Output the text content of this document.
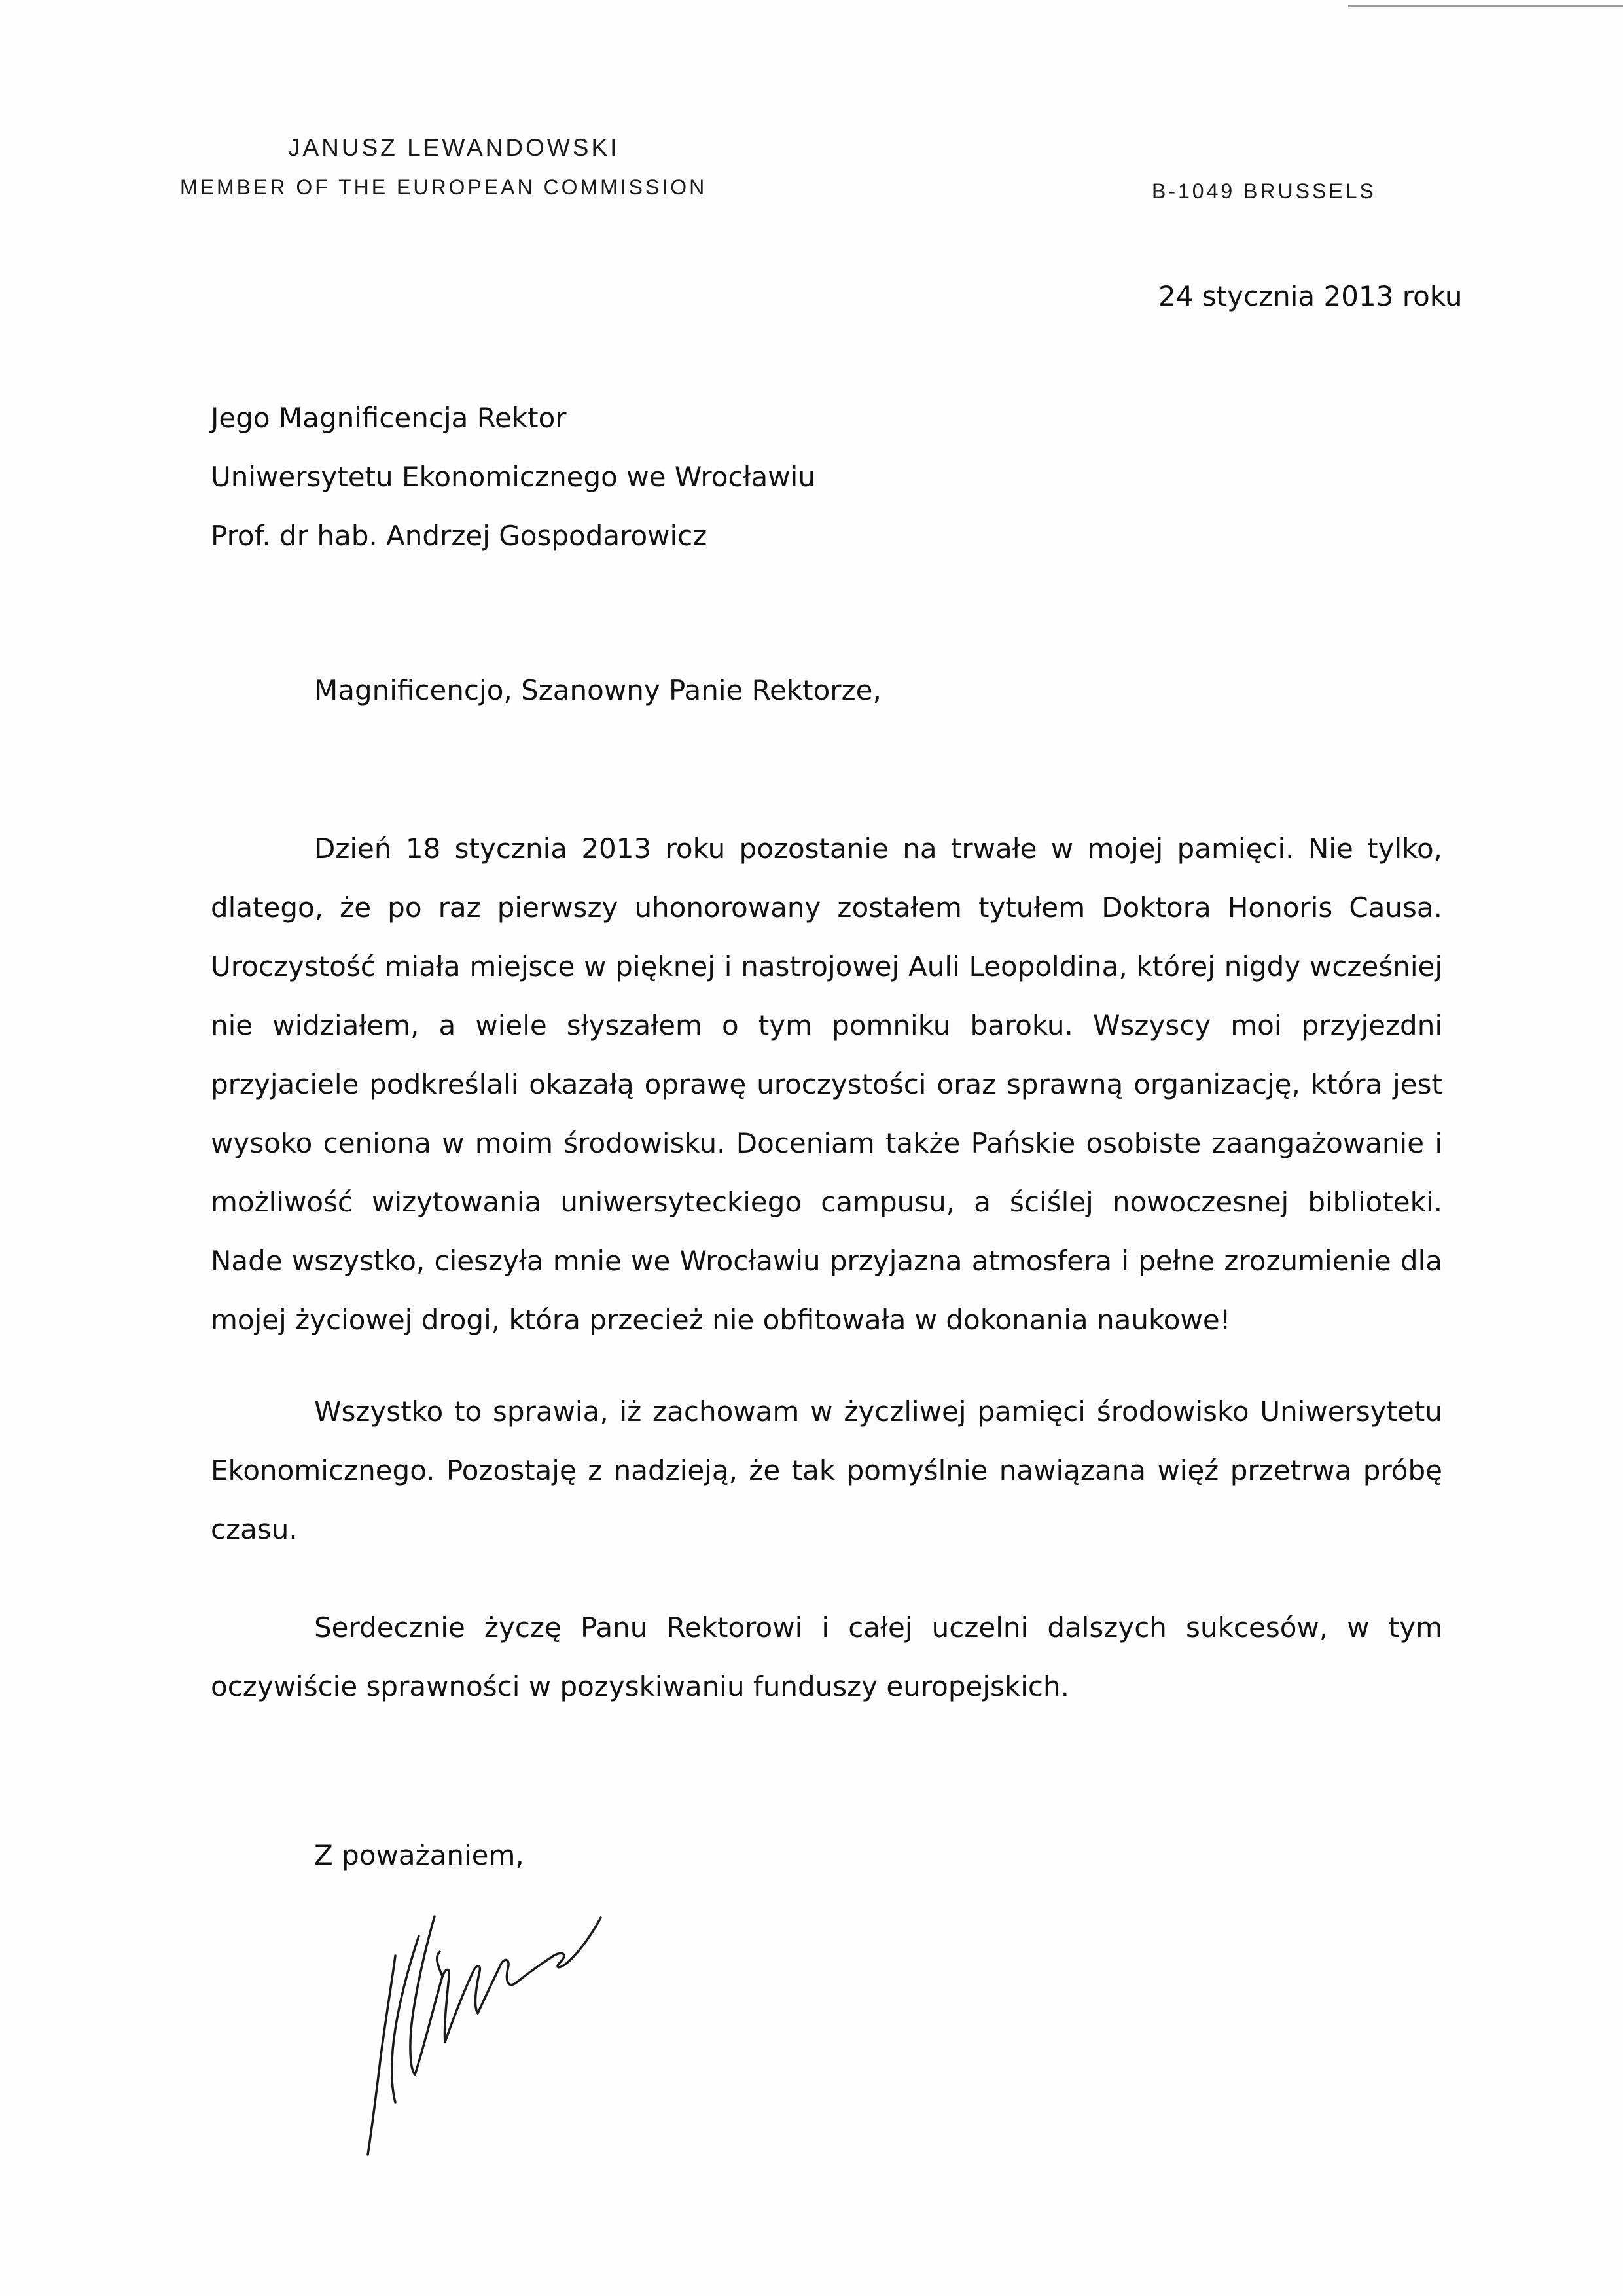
JANUSZ LEWANDOWSKI
MEMBER OF THE EUROPEAN COMMISSION	B-1049 BRUSSELS
24 stycznia 2013 roku
Jego Magnificencja Rektor
Uniwersytetu Ekonomicznego we Wrocławiu
Prof. dr hab. Andrzej Gospodarowicz
Magnificencjo, Szanowny Panie Rektorze,

Dzień 18 stycznia 2013 roku pozostanie na trwałe w mojej pamięci. Nie tylko, dlatego, że po raz pierwszy uhonorowany zostałem tytułem Doktora Honoris Causa. Uroczystość miała miejsce w pięknej i nastrojowej Auli Leopoldina, której nigdy wcześniej nie widziałem, a wiele słyszałem o tym pomniku baroku. Wszyscy moi przyjezdni przyjaciele podkreślali okazałą oprawę uroczystości oraz sprawną organizację, która jest wysoko ceniona w moim środowisku. Doceniam także Pańskie osobiste zaangażowanie i możliwość wizytowania uniwersyteckiego campusu, a ściślej nowoczesnej biblioteki. Nade wszystko, cieszyła mnie we Wrocławiu przyjazna atmosfera i pełne zrozumienie dla mojej życiowej drogi, która przecież nie obfitowała w dokonania naukowe!

Wszystko to sprawia, iż zachowam w życzliwej pamięci środowisko Uniwersytetu Ekonomicznego. Pozostaję z nadzieją, że tak pomyślnie nawiązana więź przetrwa próbę czasu.

Serdecznie życzę Panu Rektorowi i całej uczelni dalszych sukcesów, w tym oczywiście sprawności w pozyskiwaniu funduszy europejskich.

Z poważaniem,
